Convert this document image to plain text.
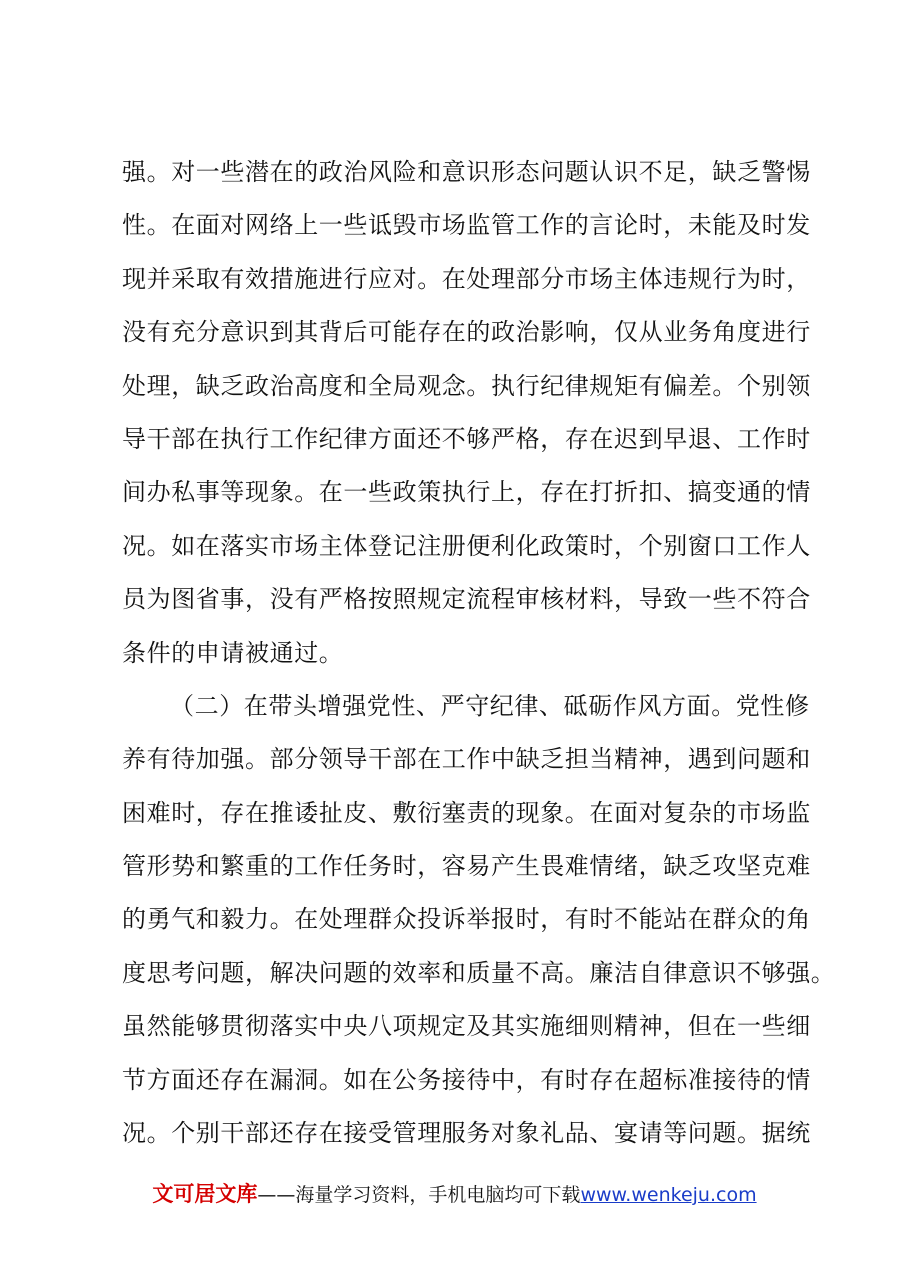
强。对一些潜在的政治风险和意识形态问题认识不足，缺乏警惕
性。在面对网络上一些诋毁市场监管工作的言论时，未能及时发
现并采取有效措施进行应对。在处理部分市场主体违规行为时，
没有充分意识到其背后可能存在的政治影响，仅从业务角度进行
处理，缺乏政治高度和全局观念。执行纪律规矩有偏差。个别领
导干部在执行工作纪律方面还不够严格，存在迟到早退、工作时
间办私事等现象。在一些政策执行上，存在打折扣、搞变通的情
况。如在落实市场主体登记注册便利化政策时，个别窗口工作人
员为图省事，没有严格按照规定流程审核材料，导致一些不符合
条件的申请被通过。
（二）在带头增强党性、严守纪律、砥砺作风方面。党性修
养有待加强。部分领导干部在工作中缺乏担当精神，遇到问题和
困难时，存在推诿扯皮、敷衍塞责的现象。在面对复杂的市场监
管形势和繁重的工作任务时，容易产生畏难情绪，缺乏攻坚克难
的勇气和毅力。在处理群众投诉举报时，有时不能站在群众的角
度思考问题，解决问题的效率和质量不高。廉洁自律意识不够强。
虽然能够贯彻落实中央八项规定及其实施细则精神，但在一些细
节方面还存在漏洞。如在公务接待中，有时存在超标准接待的情
况。个别干部还存在接受管理服务对象礼品、宴请等问题。据统
文可居文库——海量学习资料，手机电脑均可下载www.wenkeju.com
